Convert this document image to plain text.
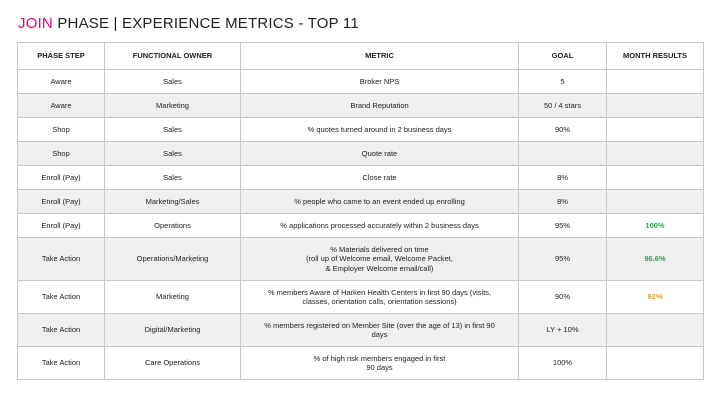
JOIN PHASE | EXPERIENCE METRICS - TOP 11
PHASE STEP	FUNCTIONAL OWNER	METRIC	GOAL	MONTH RESULTS
Aware	Sales	Broker NPS	5	
Aware	Marketing	Brand Reputation	50 / 4 stars	
Shop	Sales	% quotes turned around in 2 business days	90%	
Shop	Sales	Quote rate		
Enroll (Pay)	Sales	Close rate	8%	
Enroll (Pay)	Marketing/Sales	% people who came to an event ended up enrolling	8%	
Enroll (Pay)	Operations	% applications processed accurately within 2 business days	95%	100%
Take Action	Operations/Marketing	% Materials delivered on time
(roll up of Welcome email, Welcome Packet,
& Employer Welcome email/call)	95%	96.6%
Take Action	Marketing	% members Aware of Harken Health Centers in first 90 days (visits,
classes, orientation calls, orientation sessions)	90%	92%
Take Action	Digital/Marketing	% members registered on Member Site (over the age of 13) in first 90
days	LY + 10%	
Take Action	Care Operations	% of high risk members engaged in first
90 days	100%	
